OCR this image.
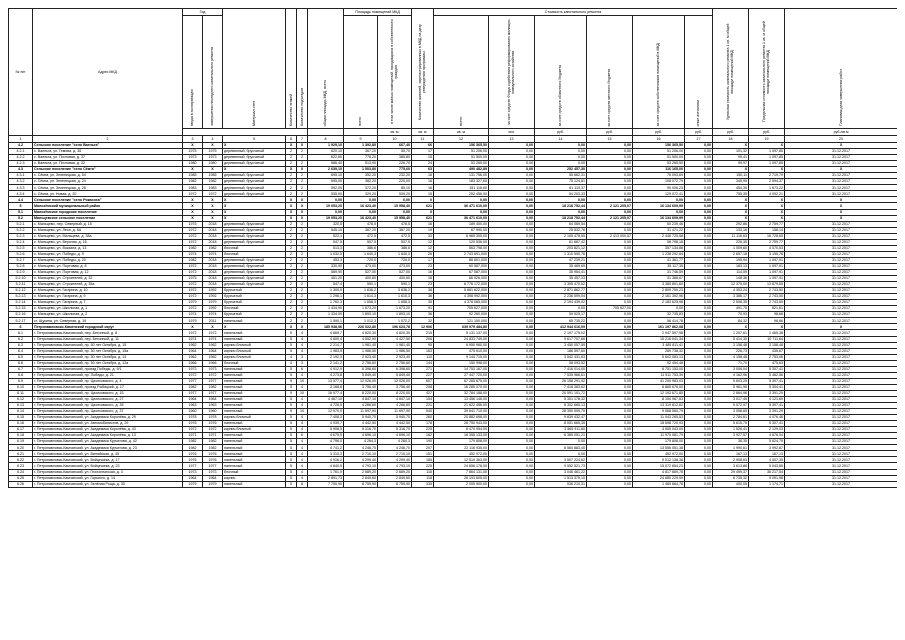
№ п/п	Адрес МКД	Год		Материал стен	Количество этажей	Количество подъездов	общая площадь МКД, всего	Площадь помещений МКД		Количество жителей, зарегистрированных в МКД на дату утверждения программы	Стоимость капитального ремонта						Удельная стоимость капитального ремонта 1 кв. м общей площади помещений МКД	Предельная стоимость капитального ремонта 1 кв. м общей площади помещений МКД	Плановая дата завершения работ	
		ввода в эксплуатацию	завершения последнего капитального ремонта					всего	в том числе жилых помещений, находящихся в собственности граждан		всего:	за счет средств Фонда содействия реформированию жилищно-коммунального хозяйства	за счет средств областного бюджета	за счет средств местного бюджета	за счет средств собственников помещений в МКД	иные источники				
									кв. м	кв. м	кв. м	чел.	руб.	руб.	руб.	руб.	руб.	руб.	руб./кв.м		
1	2	3	4	5	6	7	8	9	10	11	12	13	14	15	16	17	18	19	20	
4.2	Сельское поселение "село Ваеньга"	X	X	X	X	X	1 929,10	1 392,80	667,40	66	156 365,50	0,00	0,00	0,00	156 365,50	0,00	X	X	X	
4.2.1	с. Ваеньга, ул. Гемова, д. 36	1975	1975	деревянный, брусчатый	2	2	620,10	367,20	55,70	17	51 206,00	0,00	0,00	0,00	51 206,00	0,00	101,32	1 097,85	31.12.2017	
4.2.2	с. Ваеньга, ул. Почтовая, д. 37	1973	1973	деревянный, брусчатый	2	2	622,60	776,20	385,80	15	51 500,00	0,00	0,00	0,00	51 500,00	0,00	99,41	1 097,85	31.12.2017	
4.2.3	с. Ваеньга, ул. Почтовая, д. 32	1980	1980	деревянный, брусчатый	2	2	586,40	513,90	226,70	24	53 265,50	0,00	0,00	0,00	53 265,50	0,00	99,97	1 097,85	31.12.2017	
4.3	Сельское поселение "село Сёмга"	X	X	X	X	X	2 639,10	1 503,80	775,60	63	490 482,89	0,00	252 457,30	0,00	116 165,00	0,00	X	X	X	
4.3.1	с. Сёмга, ул. Зеленецкая, д. 54	1985	1985	деревянный, брусчатый	2	2	695,10	352,20	232,20	16	131 756,00	0,00	55 662,31	0,00	76 093,69	0,00	150,11	2 719,79	31.12.2017	
4.3.2	с. Сёмга, ул. Зеленецкая, д. 24	1982	1982	деревянный, брусчатый	2	2	595,00	382,20	220,00	16	183 327,60	0,00	75 124,81	0,00	108 072,79	0,00	345,95	2 594,37	31.12.2017	
4.3.3	с. Сёмга, ул. Зеленецкая, д. 28	1983	1983	деревянный, брусчатый	2	2	592,00	372,20	85,10	16	151 116,60	0,00	61 110,37	0,00	90 006,23	0,00	454,39	1 673,22	31.12.2017	
4.3.4	с. Сёмга, ул. Новая, д. 20	1972	1972	деревянный, брусчатый	2	2	535,00	329,20	539,20	15	252 456,00	0,00	54 203,33	0,00	129 072,41	0,00	755,35	4 092,21	31.12.2017	
4.4	Сельское поселение "село Рикасиха"	X	X	X	X	X	0,00	0,00	0,00	0	0,00	0,00	0,00	0,00	0,00	0,00	X	X	X	
5	Малозёмский муниципальный район	X	X	X	X	X	19 053,20	16 423,40	15 958,40	621	36 471 610,00	0,00	18 218 752,44	2 121 205,07	16 134 609,99	0,00	X	X	X	
5.1	Малозёмское городское поселение	X	X	X	X	X	0,00	0,00	0,00	0	0,00	0,00	0,00	0,00	0,00	0,00	X	X	X	
5.2	Мальцевское сельское поселение	X	X	X	X	X	19 053,20	16 423,40	15 958,40	621	36 471 610,00	0,00	18 218 752,44	2 121 205,07	16 134 609,99	0,00	X	X	X	
5.2.1	с. Мальцево, пер. Северный, д. 15	1975	2018	деревянный, брусчатый	2	2	320,5	478,5	478,5	16	189 400,00	0,00	64 069,54	0,00	50 239,46	0,00	292,86	2 759,77	31.12.2017	
5.2.2	с. Мальцево, ул. Леса, д. 6А	1972	2018	деревянный, брусчатый	2	2	545,10	367,20	367,20	19	67 990,00	0,00	25 532,76	0,00	31 471,22	0,00	133,16	158,14	31.12.2017	
5.2.3	с. Мальцево, ул. Мальцева, д. 38а	1972	2018	деревянный, брусчатый	2	2	522,1	472,5	472,5	33	6 965 305,00	0,00	2 105 478,55	2 413 000,57	2 446 725,58	0,00	11 116,63	16 728,65	31.12.2017	
5.2.4	с. Мальцево, ул. Верхняя, д. 16	1972	2018	деревянный, брусчатый	2	2	547,5	507,5	507,5	12	120 536,00	0,00	61 667,42	0,00	56 798,18	0,00	226,35	2 759,77	31.12.2017	
5.2.5	с. Мальцево, ул. Вокзала, д. 13	1982	1982	блочный	2	2	513,3	386,6	386,6	12	563 798,00	0,00	203 821,12	0,00	357 134,88	0,00	1 009,60	4 070,53	31.12.2017	
5.2.6	с. Мальцево, ул. Победы, д. 9	1974	1974	блочный	2	2	1 032,5	1 640,3	1 640,3	26	2 743 691,000	0,00	1 310 590,76	0,00	1 238 292,84	0,00	2 657,18	3 155,78	31.12.2017	
5.2.7	с. Мальцево, ул. Победы, д. 20	1982	2018	деревянный, брусчатый	2	2	453,3	720,0	720,0	17	88 801,000	0,00	47 239,21	0,00	41 361,77	0,00	195,94	1 097,91	31.12.2017	
5.2.8	с. Мальцево, ул. Портовая, д. 8	1972	2018	деревянный, брусчатый	2	2	330,90	473,00	473,00	23	60 587,000	0,00	35 469,65	0,00	35 117,35	0,00	183,13	1 097,91	31.12.2017	
5.2.9	с. Мальцево, ул. Портовая, д. 12	1972	2018	деревянный, брусчатый	2	2	589,90	527,00	527,00	16	67 587,000	0,00	35 954,41	0,00	31 746,59	0,00	114,59	1 097,91	31.12.2017	
5.2.10	с. Мальцево, ул. Строителей, д. 32	1975	2018	деревянный, брусчатый	2	2	451,20	400,60	400,60	16	66 926,000	0,00	35 457,33	0,00	31 368,67	0,00	148,36	1 097,91	31.12.2017	
5.2.11	с. Мальцево, ул. Строителей, д. 35а	1972	2018	деревянный, брусчатый	2	2	547,4	590,1	590,1	23	6 776 172,000	0,00	3 395 470,52	0,00	3 380 801,60	0,00	12 375,00	13 879,55	31.12.2017	
5.2.12	с. Мальцево, ул. Гагарина, д. 10	1972	1992	брусчатый	2	2	1 305,5	1 636,2	3 636,2	38	5 681 622,000	0,00	2 871 862,77	0,00	2 809 759,23	0,00	4 353,24	2 743,50	31.12.2017	
5.2.13	с. Мальцево, ул. Гагарина, д. 9	1972	1992	брусчатый	2	2	1 298,1	1 614,3	1 610,3	36	4 398 992,000	0,00	2 236 599,04	0,00	2 161 392,96	0,00	3 386,17	2 743,50	31.12.2017	
5.2.14	с. Мальцево, ул. Гагарина, д. 7	1979	1979	брусчатый	2	2	1 762,3	1 658,3	1 658,3	35	4 378 065,000	0,00	2 194 439,02	0,00	2 183 625,98	0,00	2 508,35	2 743,50	31.12.2017	
5.2.15	с. Мальцево, ул. Школьная, д. 1	1972	1992	блочный	2	2	1 434,90	1 673,20	1 673,20	91	705 627,000	0,00	0,00	705 627,00	0,00	0,00	491,75	821,61	31.12.2017	
5.2.16	с. Мальцево, ул. Школьная, д. 2	1974	1974	брусчатый	2	2	1 334,00	1 893,10	1 893,10	36	92 260,000	0,00	59 525,17	0,00	32 735,83	0,00	70,93	98,66	31.12.2017	
5.2.17	ст. Щукина, ул. Северная, д. 19	1979	2011	панельный	2	2	1 590,1	1 012,3	1 072,2	32	121 150,000	0,00	65 735,22	0,00	56 414,78	0,00	84,32	98,66	31.12.2017	
6	Петропавловско-Каменский городской округ	X	X	X	X	X	185 938,96	226 022,80	196 623,78	12 906	639 979 484,80	0,00	412 944 616,09	0,00	161 197 862,08	0,00	X	X	X	
6.1	г. Петропавловск-Камчатский, пер. Бетонный, д. 8	1972	1972	панельный	5	4	4 669,7	4 820,30	4 820,30	215	5 131 137,00	0,00	2 197 175,02	0,00	2 947 597,98	0,00	1 207,61	1 465,38	31.12.2017	
6.2	г. Петропавловск-Камчатский, пер. Бетонный, д. 11	1974	1974	панельный	5	4	4 600,4	4 552,90	4 427,50	206	24 833 749,00	0,00	9 617 707,66	0,00	15 216 041,34	0,00	5 414,35	10 711,64	31.12.2017	
6.3	г. Петропавловск-Камчатский, пр. 50 лет Октября, д. 15	1962	1962	кирпич.блочный	5	4	2 214,7	1 981,40	1 981,40	95	6 950 960,00	0,00	3 450 057,59	0,00	3 485 811,41	0,00	3 158,48	3 158,48	31.12.2017	
6.4	г. Петропавловск-Камчатский, пр. 50 лет Октября, д. 15а	1964	1964	кирпич.блочный	5	4	1 983,5	1 986,50	1 986,50	163	475 610,00	0,00	186 597,60	0,00	289 738,32	0,00	226,73	435,67	31.12.2017	
6.5	г. Петропавловск-Камчатский, пр. 50 лет Октября, д. 14	1962	1962	кирпич.блочный	4	3	2 192,3	2 923,40	2 923,40	110	9 144 715,00	0,00	3 542 431,63	0,00	5 602 083,13	0,00	4 158,48	2 753,06	31.12.2017	
6.6	г. Петропавловск-Камчатский, пр. 50 лет Октября, д. 12а	1966	1966	блочный	4	3	2 141,2	2 756,60	2 756,60	144	150 998,00	0,00	58 093,52	0,00	92 454,48	0,00	71,70	475,63	31.12.2017	
6.7	г. Петропавловск-Камчатский, проезд Победы, д. 9/1	1973	1973	панельный	5	6	4 912,9	6 398,60	6 398,60	271	14 753 167,00	0,00	7 416 014,00	0,00	6 751 153,00	0,00	3 006,04	5 307,41	31.12.2017	
6.8	г. Петропавловск-Камчатский, пр. Победы, д. 21	1972	1972	панельный	5	4	4 273,8	5 849,40	5 849,40	227	27 447 720,00	0,00	7 535 966,61	0,00	11 511 753,39	0,00	4 162,96	5 462,56	31.12.2017	
6.9	г. Петропавловск-Камчатский, пр. Циолковского, д. 4	1977	1977	панельный	9	10	13 577,4	12 026,00	12 026,00	607	67 265 675,00	0,00	26 158 291,92	0,00	41 200 983,03	0,00	5 603,25	5 307,41	31.12.2017	
6.10	г. Петропавловск-Камчатский, проезд Рыбацкий, д. 17	1982	1982	панельный	5	4	3 168,8	3 756,40	3 756,40	208	16 285 070,00	0,00	7 418 383,62	0,00	8 865 676,00	0,00	5 961,96	5 304,41	31.12.2017	
6.11	г. Петропавловск-Камчатский, пр. Циолковского, д. 15	1977	1977	панельный	9	10	16 977,4	8 220,00	8 220,00	427	32 784 188,00	0,00	20 591 101,72	0,00	12 193 671,85	0,00	2 664,96	3 391,29	31.12.2017	
6.12	г. Петропавловск-Камчатский, пр. Циолковского, д. 27	1964	1964	панельный	5	4	4 467,10	4 847,10	4 847,10	154	13 456 146,00	0,00	5 301 178,32	0,00	8 154 967,63	0,00	3 017,45	4 121,69	31.12.2017	
6.13	г. Петропавловск-Камчатский, пр. Циолковского, д. 35	1963	1963	панельный	5	4	4 728,5	4 266,60	4 266,60	221	21 622 456,00	0,00	8 302 665,13	0,00	13 319 812,62	0,00	5 072,97	5 307,41	31.12.2017	
6.14	г. Петропавловск-Камчатский, пр. Циолковского, д. 37	1960	1960	панельный	9	10	12 970,0	11 697,90	11 697,90	540	39 641 710,00	0,00	28 350 509,70	0,00	9 068 560,79	0,00	3 058,65	3 391,29	31.12.2017	
6.15	г. Петропавловск-Камчатский, ул. Академика Королёва, д. 29	1978	1978	кирпич.блочный	5	4	7 408,3	5 940,70	5 940,70	260	20 882 698,00	0,00	9 839 432,47	0,00	11 043 265,53	0,00	2 784,61	4 076,48	31.12.2017	
6.16	г. Петропавловск-Камчатский, ул. Автомобилистов, д. 29	1976	1976	панельный	5	4	4 939,7	4 442,50	4 442,50	178	26 750 943,00	0,00	8 051 665,35	0,00	18 698 720,93	0,00	5 615,75	5 307,41	31.12.2017	
6.17	г. Петропавловск-Камчатский, ул. Академика Королёва, д. 43	1972	1972	кирпич.блочный	5	4	5 908,5	5 316,70	5 316,70	225	8 470 954,00	0,00	3 565 911,60	0,00	4 905 043,00	0,00	1 526,41	2 129,03	31.12.2017	
6.18	г. Петропавловск-Камчатский, ул. Академика Королёва, д. 13	1971	1971	панельный	5	6	4 675,5	4 696,10	4 696,10	182	18 355 133,00	0,00	6 385 051,21	0,00	11 970 081,79	0,00	3 927,57	4 676,04	31.12.2017	
6.19	г. Петропавловск-Камчатский, ул. Академика Курчатова, д. 42	1982	1982	панельный	5	4	4 796,0	4 264,3	4 260,3	190	179 808,00	0,00	0,00	0,00	179 808,00	0,00	36,35	5 624,79	31.12.2017	
6.20	г. Петропавловск-Камчатский, ул. Академика Курчатова, д. 23	1982	1982	панельный	5	4	4 741,2	4 246,70	4 246,70	207	22 116 935,00	0,00	8 560 883,40	0,00	13 556 051,38	0,00	1 990,61	3 992,87	31.12.2017	
6.21	г. Петропавловск-Камчатский, ул. Вилюйская, д. 45	1976	1976	панельный	5	4	3 310,3	2 710,10	2 710,10	151	452 972,00	0,00	0,00	0,00	452 972,00	0,00	167,13	167,13	31.12.2017	
6.22	г. Петропавловск-Камчатский, ул. Войцешека, д. 17	1976	1976	панельный	5	4	4 916,2	4 299,40	4 299,40	185	12 519 363,00	0,00	3 507 224,62	0,00	9 012 138,38	0,00	2 908,63	4 007,35	31.12.2017	
6.23	г. Петропавловск-Камчатский, ул. Войцешека, д. 23	1977	1977	панельный	5	4	4 840,5	4 793,10	4 793,10	225	24 656 176,00	0,00	9 552 521,73	0,00	15 072 654,23	0,00	3 613,88	5 043,85	31.12.2017	
6.24	г. Петропавловск-Камчатский, ул. Геологическая, д. 4	1973	1973	блочный	5	4	1 761,9	2 689,20	2 689,20	116	7 864 131,00	0,00	3 046 461,22	0,00	4 817 669,78	0,00	29 499,37	36 217,54	31.12.2017	
6.25	г. Петропавловск-Камчатский, ул. Горького, д. 14	1964	1964	кирпич	5	4	2 891,73	2 849,60	2 849,60	118	26 193 605,00	0,00	1 513 375,10	0,00	24 680 229,90	0,00	6 735,32	9 091,98	31.12.2017	
6.26	г. Петропавловск-Камчатский, ул. Зелёная Роща, д. 30	1979	1979	панельный	5	8	7 750,90	8 759,90	8 759,90	335	2 005 900,00	0,00	536 210,31	0,00	1 469 664,78	0,00	400,05	1 174,71	31.12.2017	
